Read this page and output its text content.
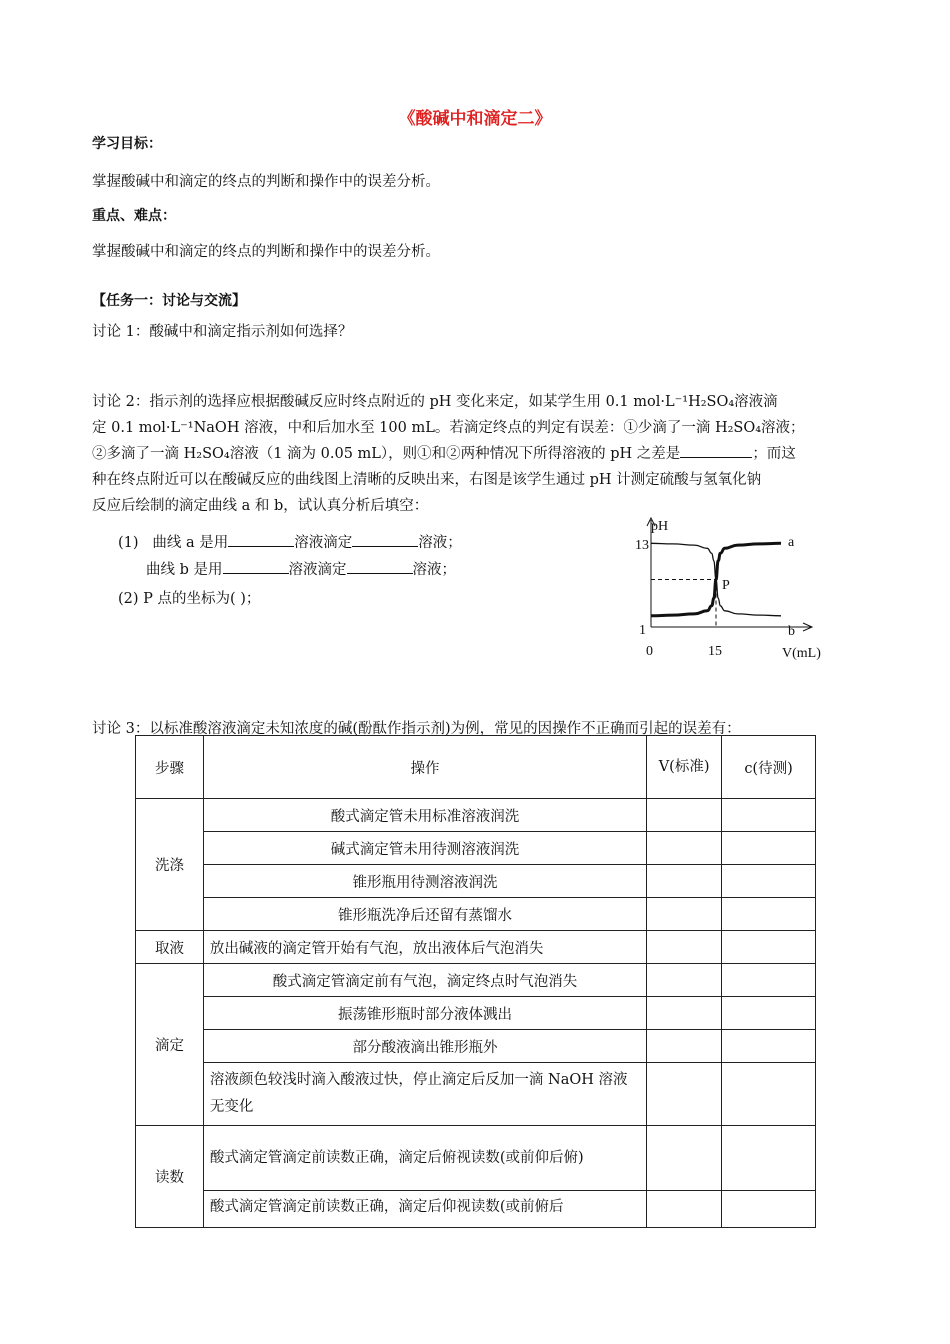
《酸碱中和滴定二》
学习目标：
掌握酸碱中和滴定的终点的判断和操作中的误差分析。
重点、难点：
掌握酸碱中和滴定的终点的判断和操作中的误差分析。
【任务一：讨论与交流】
讨论 1：酸碱中和滴定指示剂如何选择？
讨论 2：指示剂的选择应根据酸碱反应时终点附近的 pH 变化来定，如某学生用 0.1 mol·L⁻¹H₂SO₄溶液滴
定 0.1 mol·L⁻¹NaOH 溶液，中和后加水至 100 mL。若滴定终点的判定有误差：①少滴了一滴 H₂SO₄溶液；
②多滴了一滴 H₂SO₄溶液（1 滴为 0.05 mL），则①和②两种情况下所得溶液的 pH 之差是	；而这
种在终点附近可以在酸碱反应的曲线图上清晰的反映出来，右图是该学生通过 pH 计测定硫酸与氢氧化钠
反应后绘制的滴定曲线 a 和 b，试认真分析后填空：
(1) 曲线 a 是用	溶液滴定	溶液；
曲线 b 是用	溶液滴定	溶液；
(2) P 点的坐标为( )；
pH
13
1
0	15	V(mL)
P
a
b
讨论 3：以标准酸溶液滴定未知浓度的碱(酚酞作指示剂)为例，常见的因操作不正确而引起的误差有：
步骤	操作	V(标准)	c(待测)
洗涤	酸式滴定管未用标准溶液润洗		
	碱式滴定管未用待测溶液润洗		
	锥形瓶用待测溶液润洗		
	锥形瓶洗净后还留有蒸馏水		
取液	放出碱液的滴定管开始有气泡，放出液体后气泡消失		
滴定	酸式滴定管滴定前有气泡，滴定终点时气泡消失		
	振荡锥形瓶时部分液体溅出		
	部分酸液滴出锥形瓶外		
	溶液颜色较浅时滴入酸液过快，停止滴定后反加一滴 NaOH 溶液无变化		
读数	酸式滴定管滴定前读数正确，滴定后俯视读数(或前仰后俯)		
	酸式滴定管滴定前读数正确，滴定后仰视读数(或前俯后		
